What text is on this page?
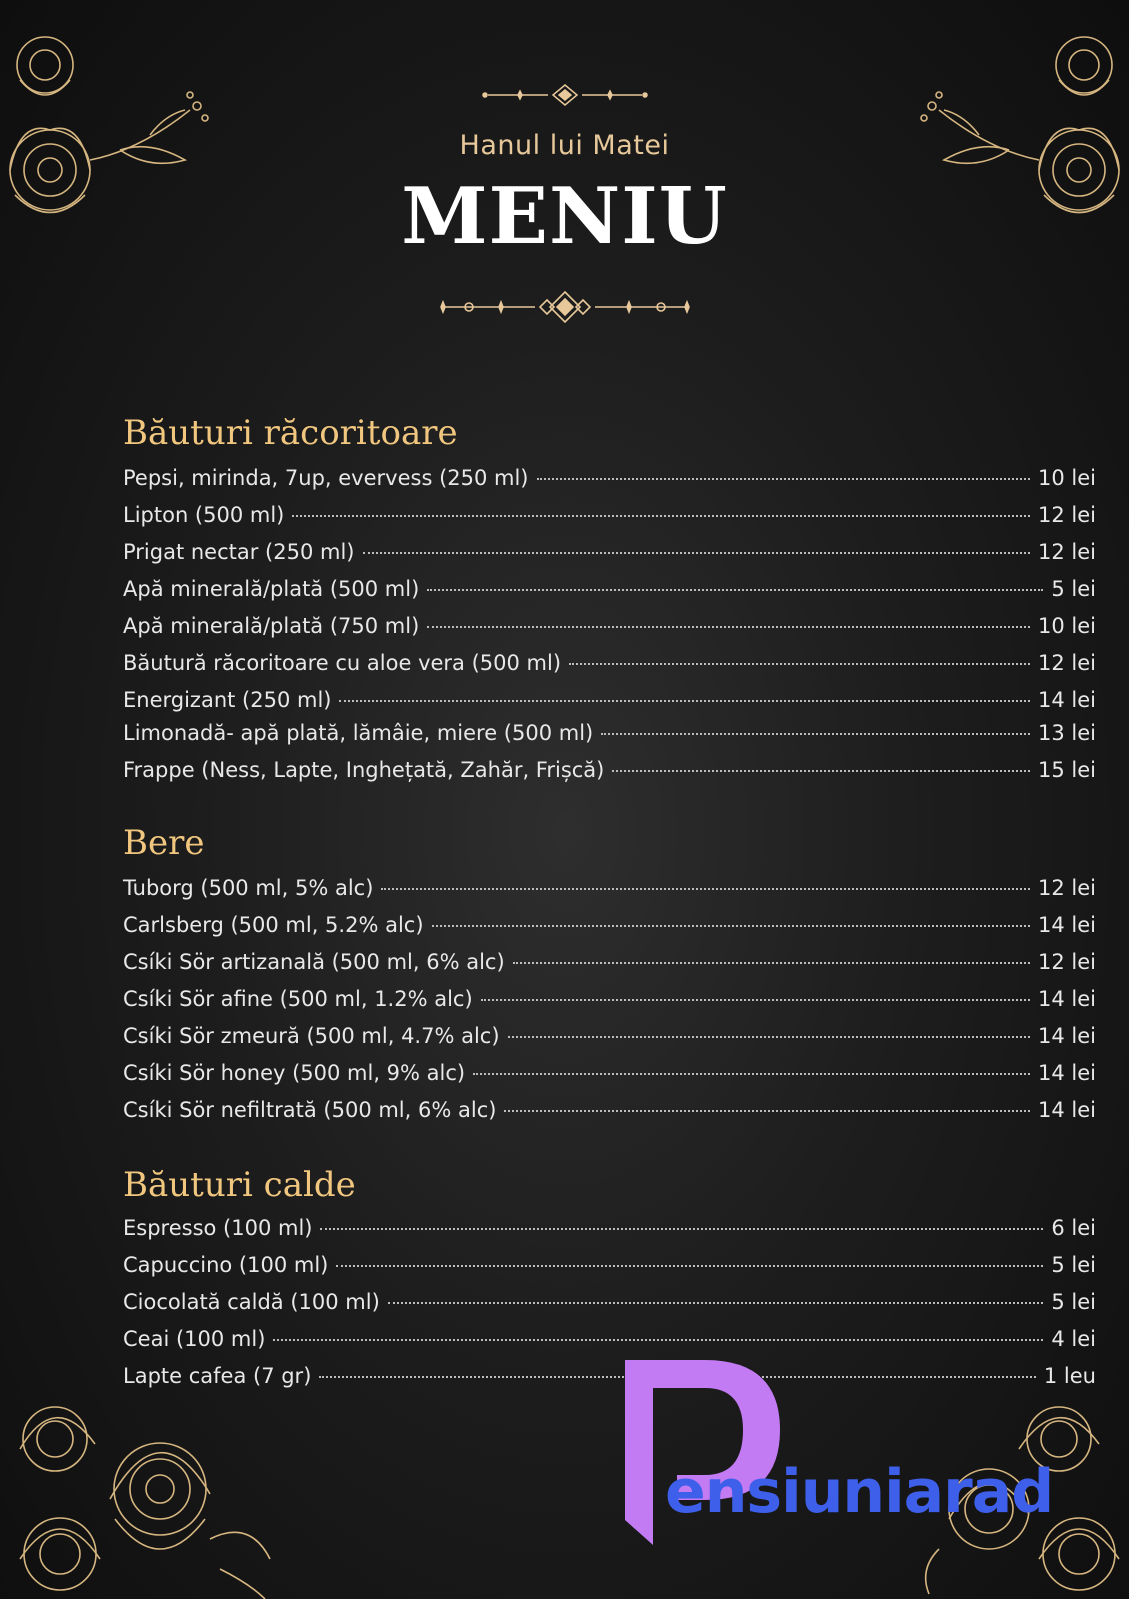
Hanul lui Matei
MENIU
Băuturi răcoritoare
Pepsi, mirinda, 7up, evervess (250 ml)	10 lei
Lipton (500 ml)	12 lei
Prigat nectar (250 ml)	12 lei
Apă minerală/plată (500 ml)	5 lei
Apă minerală/plată (750 ml)	10 lei
Băutură răcoritoare cu aloe vera (500 ml)	12 lei
Energizant (250 ml)	14 lei
Limonadă- apă plată, lămâie, miere (500 ml)	13 lei
Frappe (Ness, Lapte, Inghețată, Zahăr, Frișcă)	15 lei
Bere
Tuborg (500 ml, 5% alc)	12 lei
Carlsberg (500 ml, 5.2% alc)	14 lei
Csíki Sör artizanală (500 ml, 6% alc)	12 lei
Csíki Sör afine (500 ml, 1.2% alc)	14 lei
Csíki Sör zmeură (500 ml, 4.7% alc)	14 lei
Csíki Sör honey (500 ml, 9% alc)	14 lei
Csíki Sör nefiltrată (500 ml, 6% alc)	14 lei
Băuturi calde
Espresso (100 ml)	6 lei
Capuccino (100 ml)	5 lei
Ciocolată caldă (100 ml)	5 lei
Ceai (100 ml)	4 lei
Lapte cafea (7 gr)	1 leu
ensiuniarad
